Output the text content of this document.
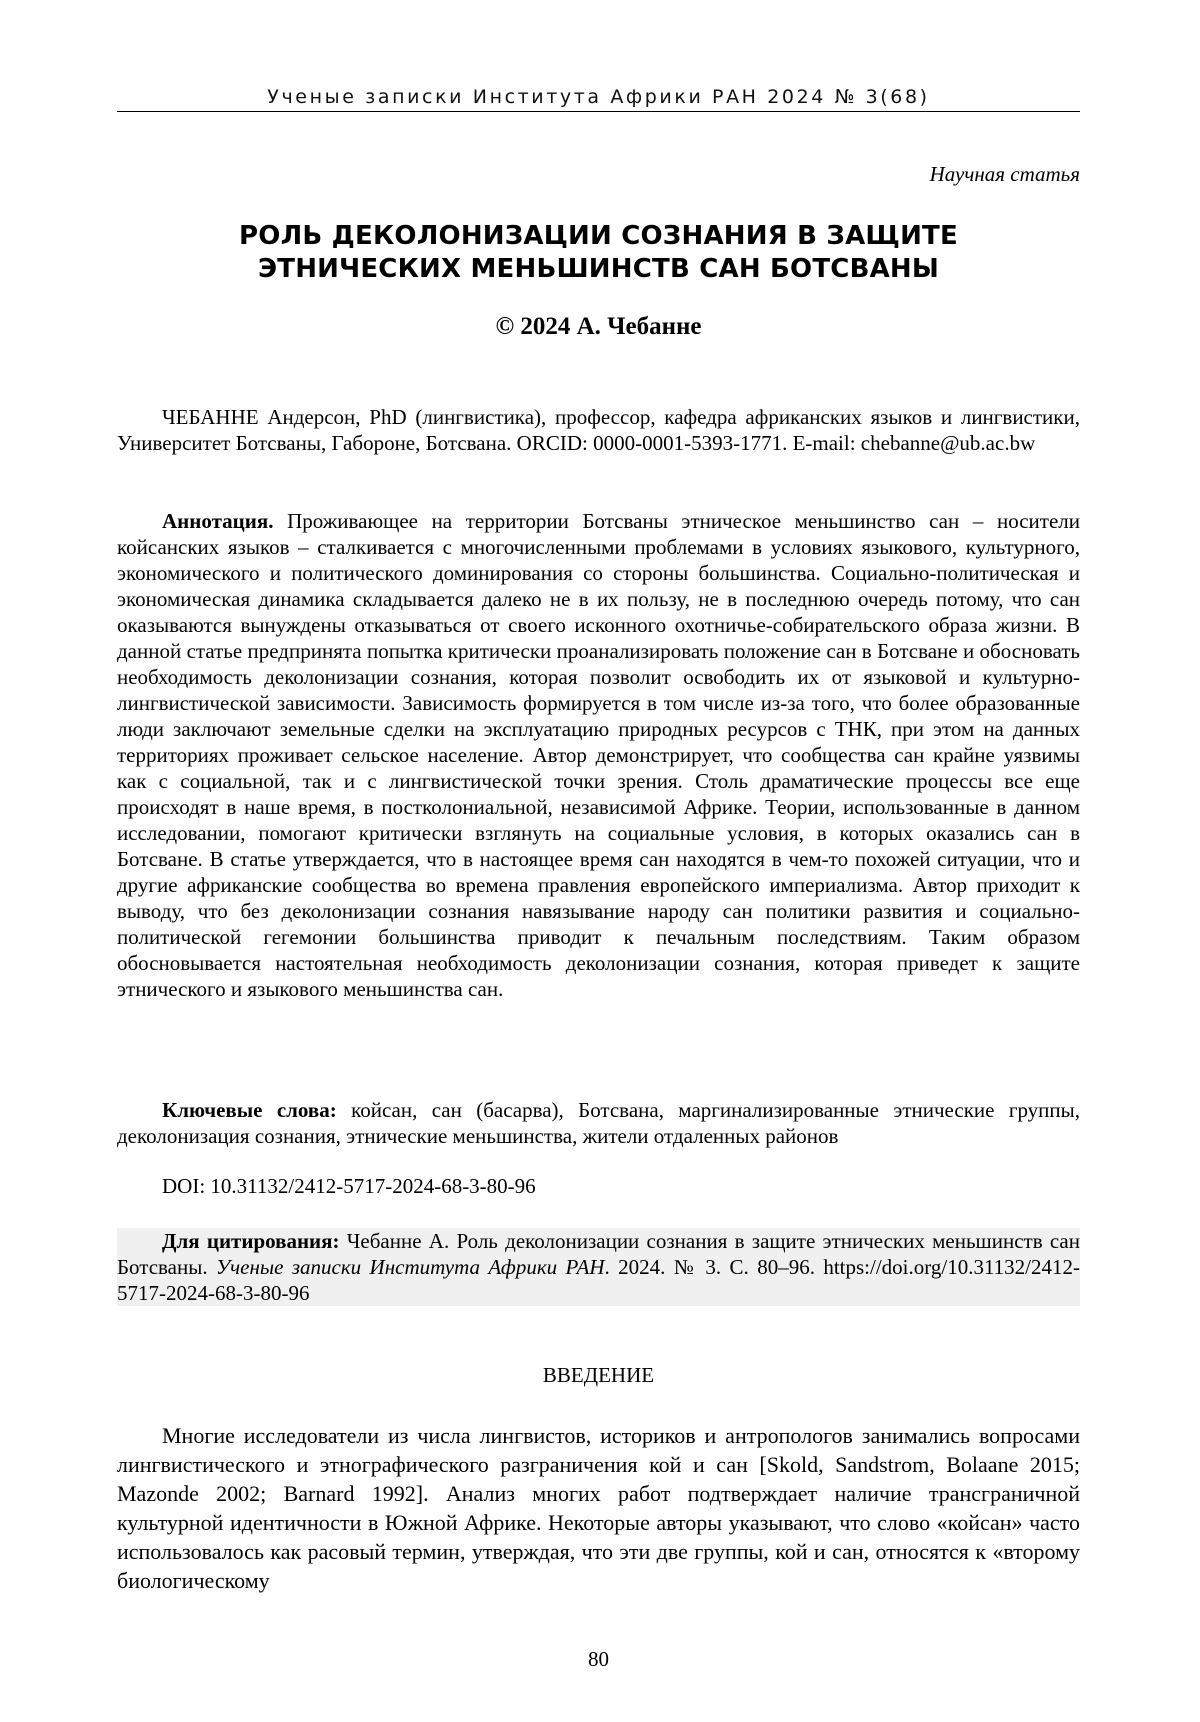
Ученые записки Института Африки РАН 2024 № 3(68)
Научная статья
РОЛЬ ДЕКОЛОНИЗАЦИИ СОЗНАНИЯ В ЗАЩИТЕ
ЭТНИЧЕСКИХ МЕНЬШИНСТВ САН БОТСВАНЫ
© 2024 А. Чебанне
ЧЕБАННЕ Андерсон, PhD (лингвистика), профессор, кафедра африканских языков и лингвистики, Университет Ботсваны, Габороне, Ботсвана. ORCID: 0000-0001-5393-1771. E-mail: chebanne@ub.ac.bw
Аннотация. Проживающее на территории Ботсваны этническое меньшинство сан – носители койсанских языков – сталкивается с многочисленными проблемами в условиях языкового, культурного, экономического и политического доминирования со стороны большинства. Социально-политическая и экономическая динамика складывается далеко не в их пользу, не в последнюю очередь потому, что сан оказываются вынуждены отказываться от своего исконного охотничье-собирательского образа жизни. В данной статье предпринята попытка критически проанализировать положение сан в Ботсване и обосновать необходимость деколонизации сознания, которая позволит освободить их от языковой и культурно-лингвистической зависимости. Зависимость формируется в том числе из-за того, что более образованные люди заключают земельные сделки на эксплуатацию природных ресурсов с ТНК, при этом на данных территориях проживает сельское население. Автор демонстрирует, что сообщества сан крайне уязвимы как с социальной, так и с лингвистической точки зрения. Столь драматические процессы все еще происходят в наше время, в постколониальной, независимой Африке. Теории, использованные в данном исследовании, помогают критически взглянуть на социальные условия, в которых оказались сан в Ботсване. В статье утверждается, что в настоящее время сан находятся в чем-то похожей ситуации, что и другие африканские сообщества во времена правления европейского империализма. Автор приходит к выводу, что без деколонизации сознания навязывание народу сан политики развития и социально-политической гегемонии большинства приводит к печальным последствиям. Таким образом обосновывается настоятельная необходимость деколонизации сознания, которая приведет к защите этнического и языкового меньшинства сан.
Ключевые слова: койсан, сан (басарва), Ботсвана, маргинализированные этнические группы, деколонизация сознания, этнические меньшинства, жители отдаленных районов
DOI: 10.31132/2412-5717-2024-68-3-80-96
Для цитирования: Чебанне А. Роль деколонизации сознания в защите этнических меньшинств сан Ботсваны. Ученые записки Института Африки РАН. 2024. № 3. С. 80–96. https://doi.org/10.31132/2412-5717-2024-68-3-80-96
ВВЕДЕНИЕ
Многие исследователи из числа лингвистов, историков и антропологов занимались вопросами лингвистического и этнографического разграничения кой и сан [Skold, Sandstrom, Bolaane 2015; Mazonde 2002; Barnard 1992]. Анализ многих работ подтверждает наличие трансграничной культурной идентичности в Южной Африке. Некоторые авторы указывают, что слово «койсан» часто использовалось как расовый термин, утверждая, что эти две группы, кой и сан, относятся к «второму биологическому
80
